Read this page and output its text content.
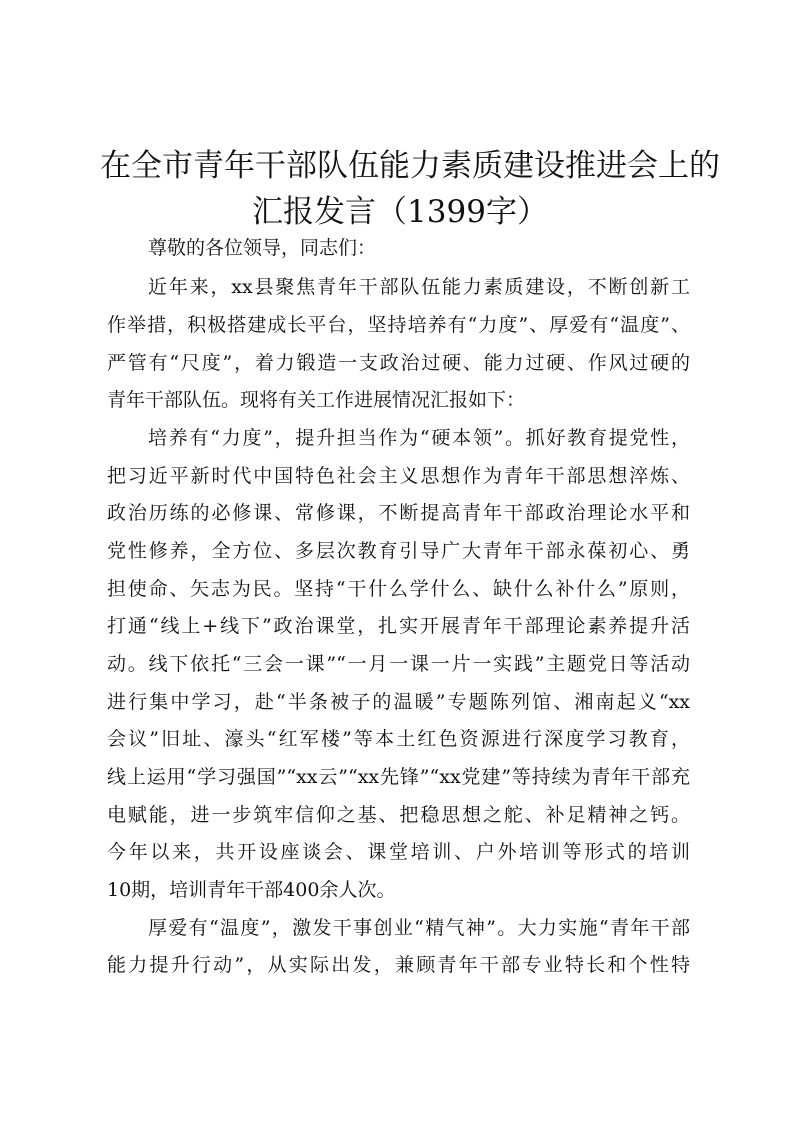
在全市青年干部队伍能力素质建设推进会上的
汇报发言（1399字）
尊敬的各位领导，同志们：
近年来，xx县聚焦青年干部队伍能力素质建设，不断创新工
作举措，积极搭建成长平台，坚持培养有“力度”、厚爱有“温度”、
严管有“尺度”，着力锻造一支政治过硬、能力过硬、作风过硬的
青年干部队伍。现将有关工作进展情况汇报如下：
培养有“力度”，提升担当作为“硬本领”。抓好教育提党性，
把习近平新时代中国特色社会主义思想作为青年干部思想淬炼、
政治历练的必修课、常修课，不断提高青年干部政治理论水平和
党性修养，全方位、多层次教育引导广大青年干部永葆初心、勇
担使命、矢志为民。坚持“干什么学什么、缺什么补什么”原则，
打通“线上+线下”政治课堂，扎实开展青年干部理论素养提升活
动。线下依托“三会一课”“一月一课一片一实践”主题党日等活动
进行集中学习，赴“半条被子的温暖”专题陈列馆、湘南起义“xx
会议”旧址、濠头“红军楼”等本土红色资源进行深度学习教育，
线上运用“学习强国”“xx云”“xx先锋”“xx党建”等持续为青年干部充
电赋能，进一步筑牢信仰之基、把稳思想之舵、补足精神之钙。
今年以来，共开设座谈会、课堂培训、户外培训等形式的培训
10期，培训青年干部400余人次。
厚爱有“温度”，激发干事创业“精气神”。大力实施“青年干部
能力提升行动”，从实际出发，兼顾青年干部专业特长和个性特
